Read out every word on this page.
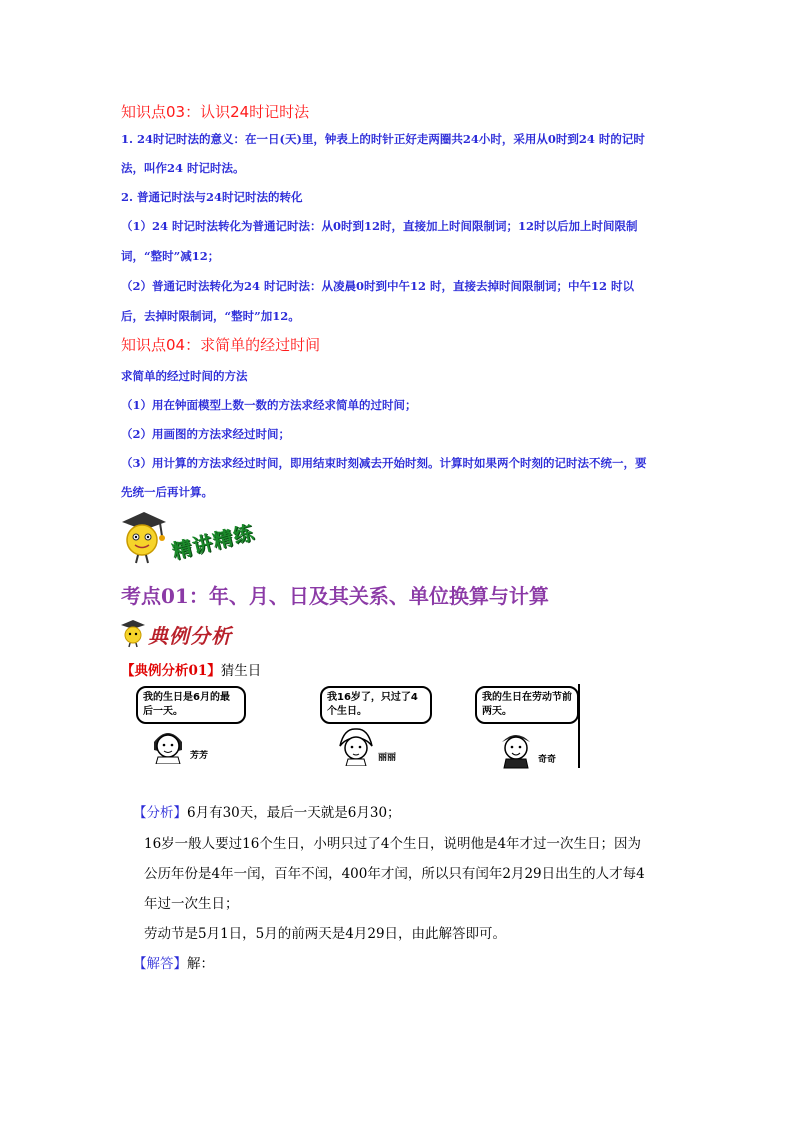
知识点03：认识24时记时法
1. 24时记时法的意义：在一日(天)里，钟表上的时针正好走两圈共24小时，采用从0时到24 时的记时
法，叫作24 时记时法。
2. 普通记时法与24时记时法的转化
（1）24 时记时法转化为普通记时法：从0时到12时，直接加上时间限制词；12时以后加上时间限制
词，“整时”减12；
（2）普通记时法转化为24 时记时法：从凌晨0时到中午12 时，直接去掉时间限制词；中午12 时以
后，去掉时限制词，“整时”加12。
知识点04：求简单的经过时间
求简单的经过时间的方法
（1）用在钟面模型上数一数的方法求经求简单的过时间；
（2）用画图的方法求经过时间；
（3）用计算的方法求经过时间，即用结束时刻减去开始时刻。计算时如果两个时刻的记时法不统一，要
先统一后再计算。
精讲精练
考点01：年、月、日及其关系、单位换算与计算
典例分析
【典例分析01】猜生日
我的生日是6月的最后一天。
芳芳
我16岁了，只过了4个生日。
丽丽
我的生日在劳动节前两天。
奇奇
【分析】6月有30天，最后一天就是6月30；
16岁一般人要过16个生日，小明只过了4个生日，说明他是4年才过一次生日；因为
公历年份是4年一闰，百年不闰，400年才闰，所以只有闰年2月29日出生的人才每4
年过一次生日；
劳动节是5月1日，5月的前两天是4月29日，由此解答即可。
【解答】解：
